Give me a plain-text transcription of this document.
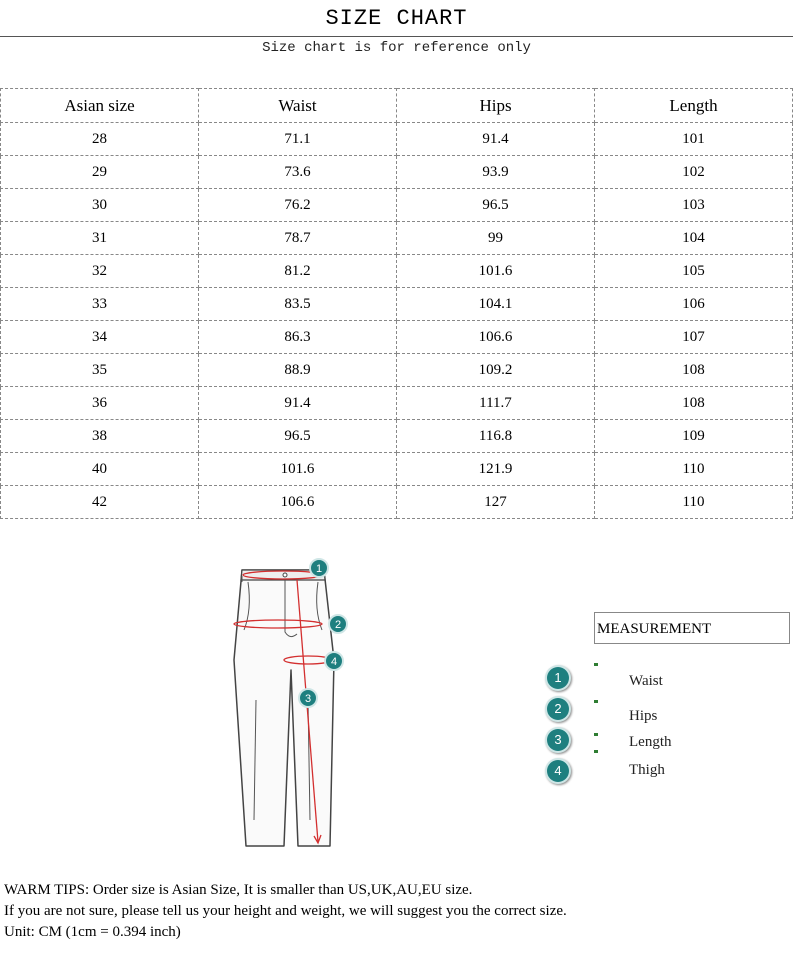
SIZE CHART
Size chart is for reference only
Asian size	Waist	Hips	Length
28	71.1	91.4	101
29	73.6	93.9	102
30	76.2	96.5	103
31	78.7	99	104
32	81.2	101.6	105
33	83.5	104.1	106
34	86.3	106.6	107
35	88.9	109.2	108
36	91.4	111.7	108
38	96.5	116.8	109
40	101.6	121.9	110
42	106.6	127	110
1
2
3
4
MEASUREMENT
1
2
3
4
Waist
Hips
Length
Thigh
WARM TIPS: Order size is Asian Size, It is smaller than US,UK,AU,EU size.
If you are not sure, please tell us your height and weight, we will suggest you the correct size.
Unit: CM (1cm = 0.394 inch)
